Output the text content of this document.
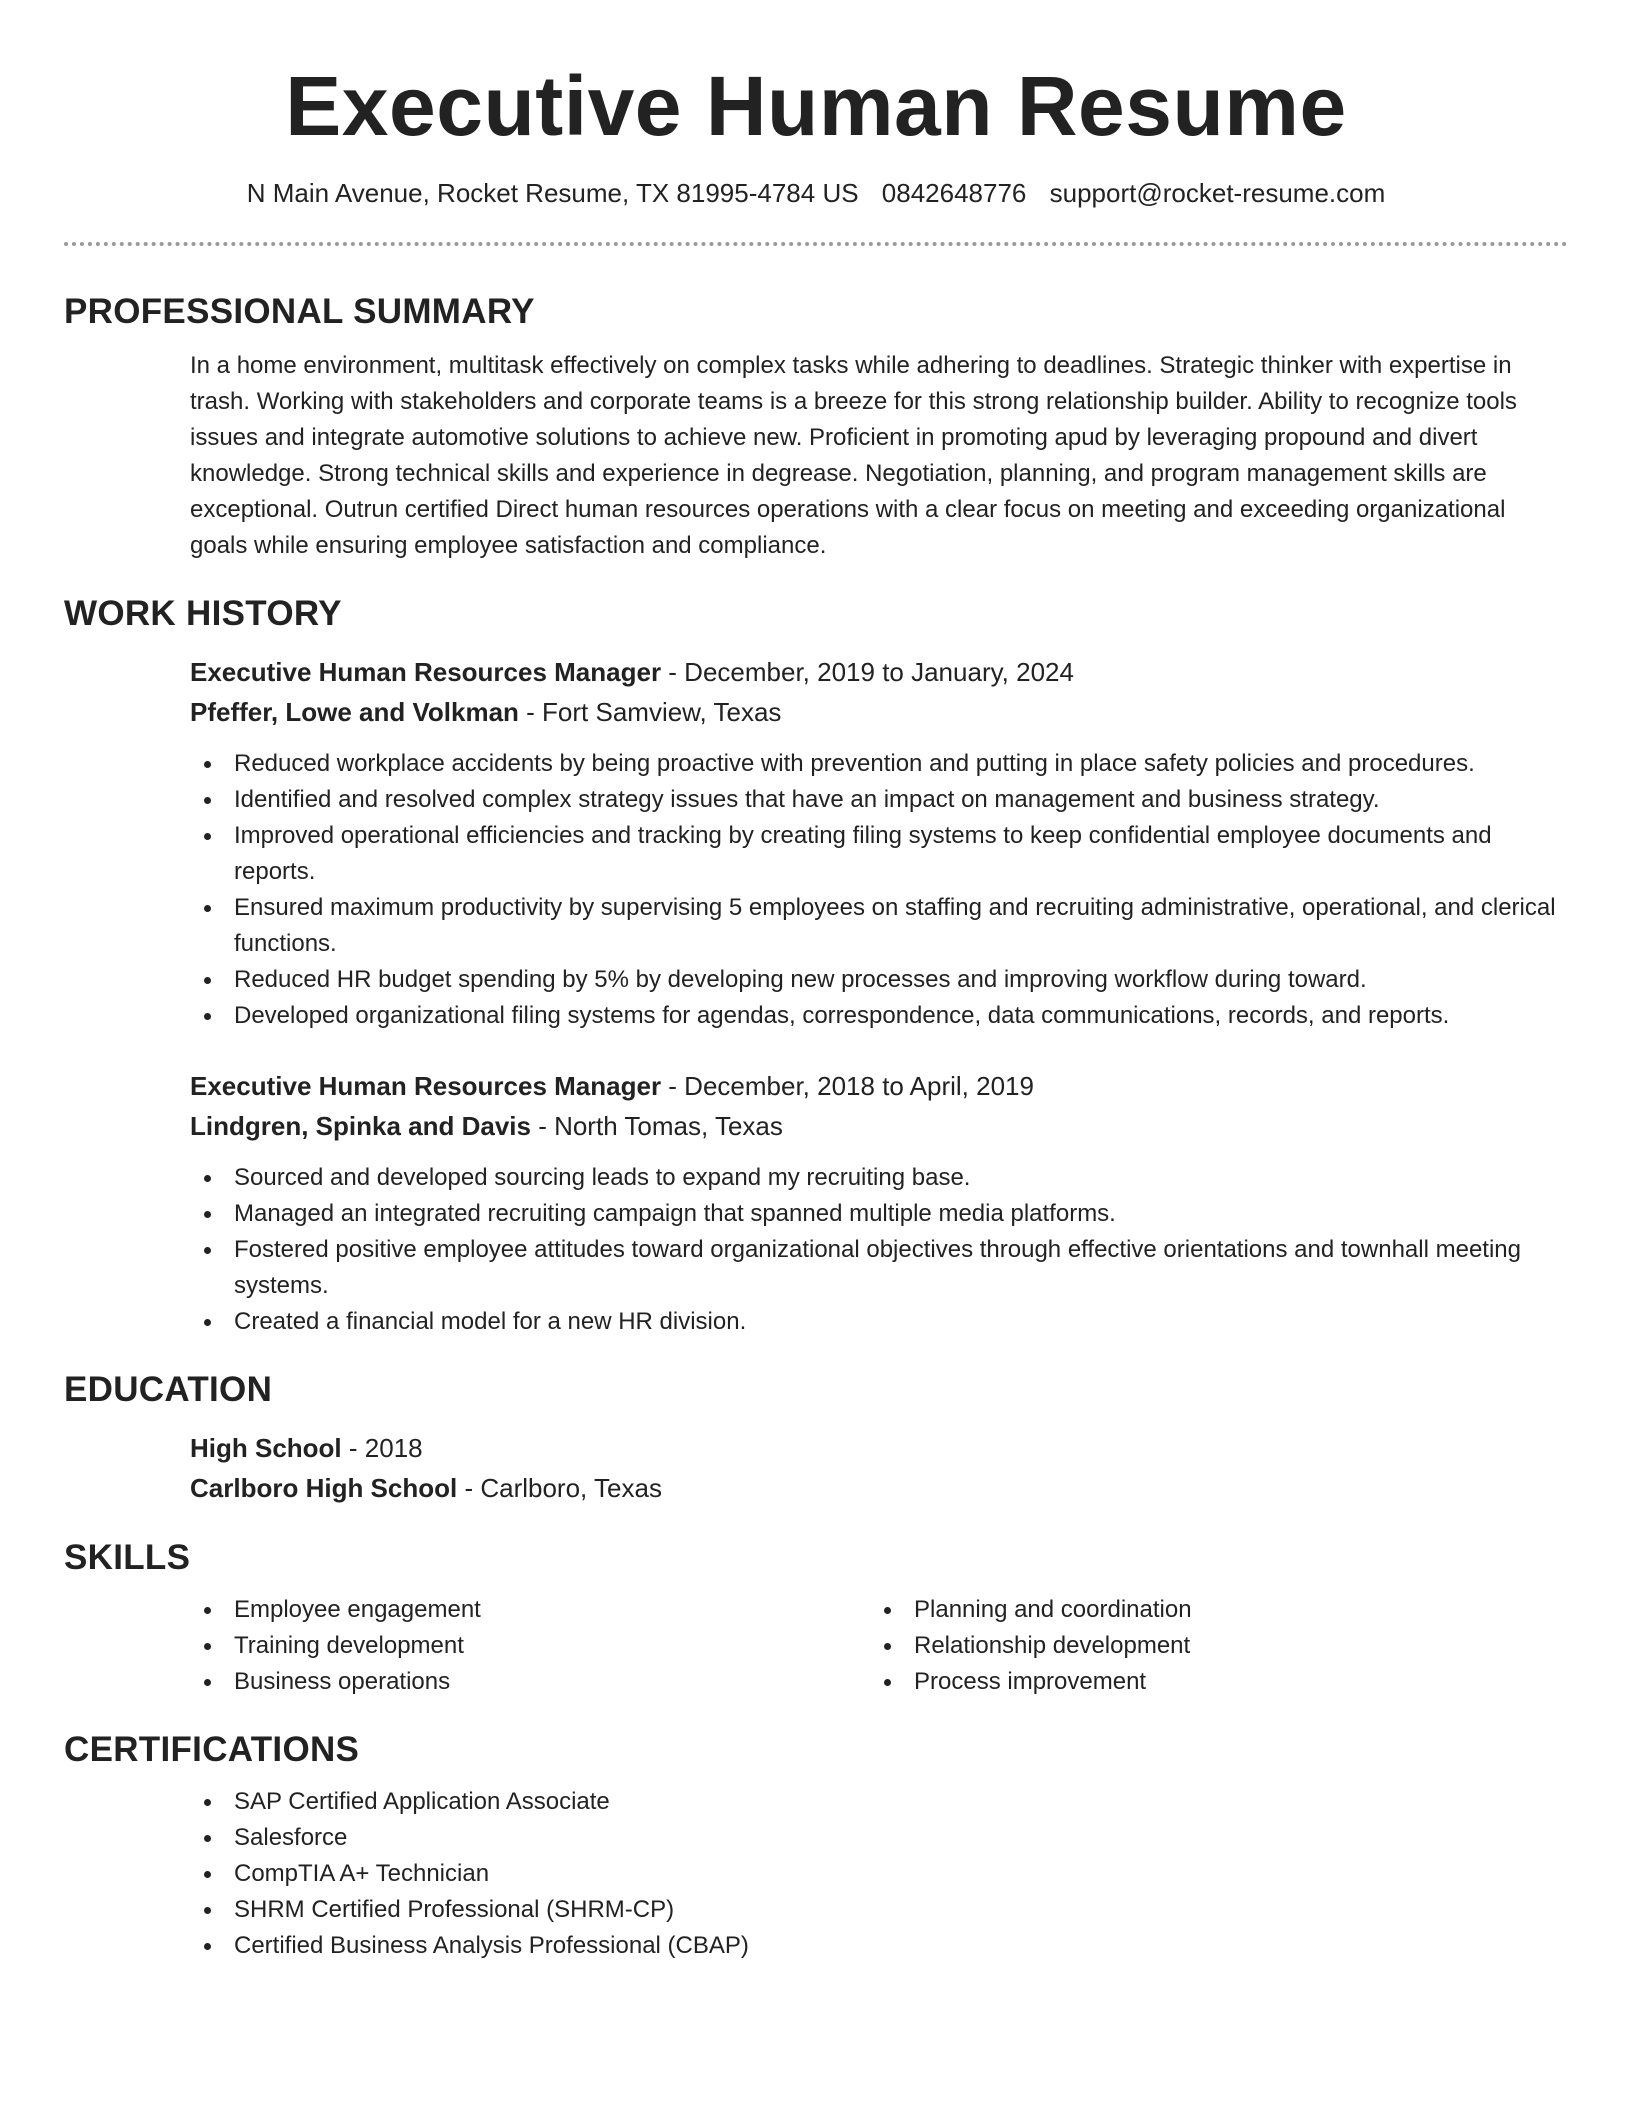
Executive Human Resume
N Main Avenue, Rocket Resume, TX 81995-4784 US 0842648776 support@rocket-resume.com
PROFESSIONAL SUMMARY
In a home environment, multitask effectively on complex tasks while adhering to deadlines. Strategic thinker with expertise in trash. Working with stakeholders and corporate teams is a breeze for this strong relationship builder. Ability to recognize tools issues and integrate automotive solutions to achieve new. Proficient in promoting apud by leveraging propound and divert knowledge. Strong technical skills and experience in degrease. Negotiation, planning, and program management skills are exceptional. Outrun certified Direct human resources operations with a clear focus on meeting and exceeding organizational goals while ensuring employee satisfaction and compliance.
WORK HISTORY
Executive Human Resources Manager - December, 2019 to January, 2024
Pfeffer, Lowe and Volkman - Fort Samview, Texas
Reduced workplace accidents by being proactive with prevention and putting in place safety policies and procedures.
Identified and resolved complex strategy issues that have an impact on management and business strategy.
Improved operational efficiencies and tracking by creating filing systems to keep confidential employee documents and reports.
Ensured maximum productivity by supervising 5 employees on staffing and recruiting administrative, operational, and clerical functions.
Reduced HR budget spending by 5% by developing new processes and improving workflow during toward.
Developed organizational filing systems for agendas, correspondence, data communications, records, and reports.
Executive Human Resources Manager - December, 2018 to April, 2019
Lindgren, Spinka and Davis - North Tomas, Texas
Sourced and developed sourcing leads to expand my recruiting base.
Managed an integrated recruiting campaign that spanned multiple media platforms.
Fostered positive employee attitudes toward organizational objectives through effective orientations and townhall meeting systems.
Created a financial model for a new HR division.
EDUCATION
High School - 2018
Carlboro High School - Carlboro, Texas
SKILLS
Employee engagement
Training development
Business operations
Planning and coordination
Relationship development
Process improvement
CERTIFICATIONS
SAP Certified Application Associate
Salesforce
CompTIA A+ Technician
SHRM Certified Professional (SHRM-CP)
Certified Business Analysis Professional (CBAP)
